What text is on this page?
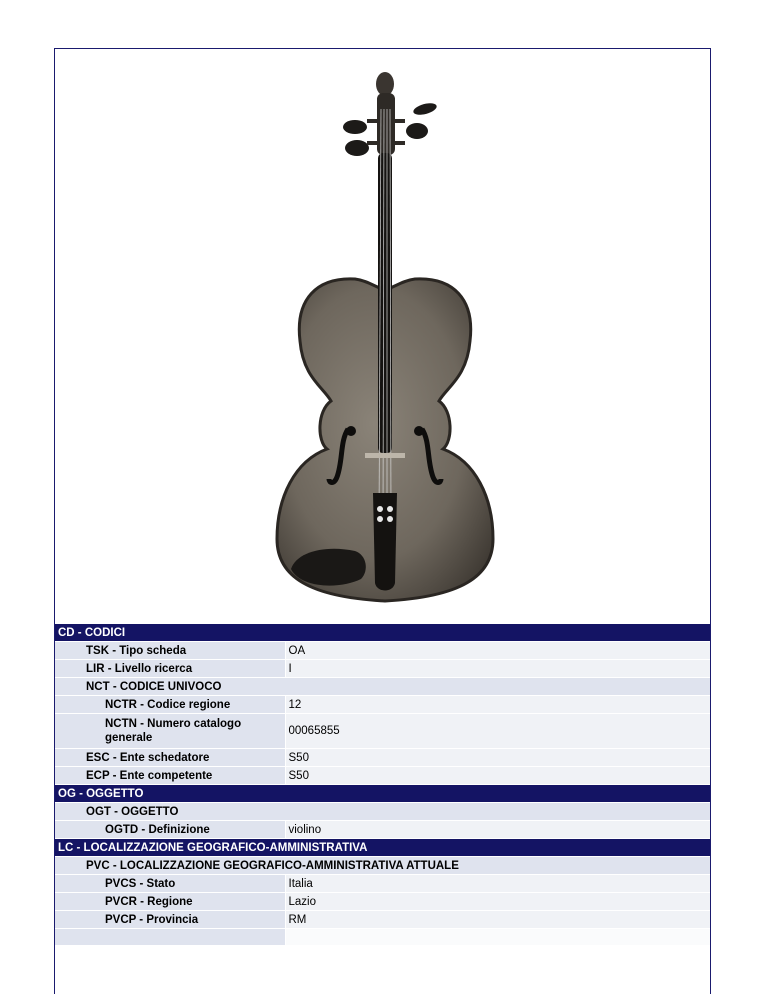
CD - CODICI	
TSK - Tipo scheda	OA
LIR - Livello ricerca	I
NCT - CODICE UNIVOCO	
NCTR - Codice regione	12
NCTN - Numero catalogo generale	00065855
ESC - Ente schedatore	S50
ECP - Ente competente	S50
OG - OGGETTO	
OGT - OGGETTO	
OGTD - Definizione	violino
LC - LOCALIZZAZIONE GEOGRAFICO-AMMINISTRATIVA	
PVC - LOCALIZZAZIONE GEOGRAFICO-AMMINISTRATIVA ATTUALE	
PVCS - Stato	Italia
PVCR - Regione	Lazio
PVCP - Provincia	RM
